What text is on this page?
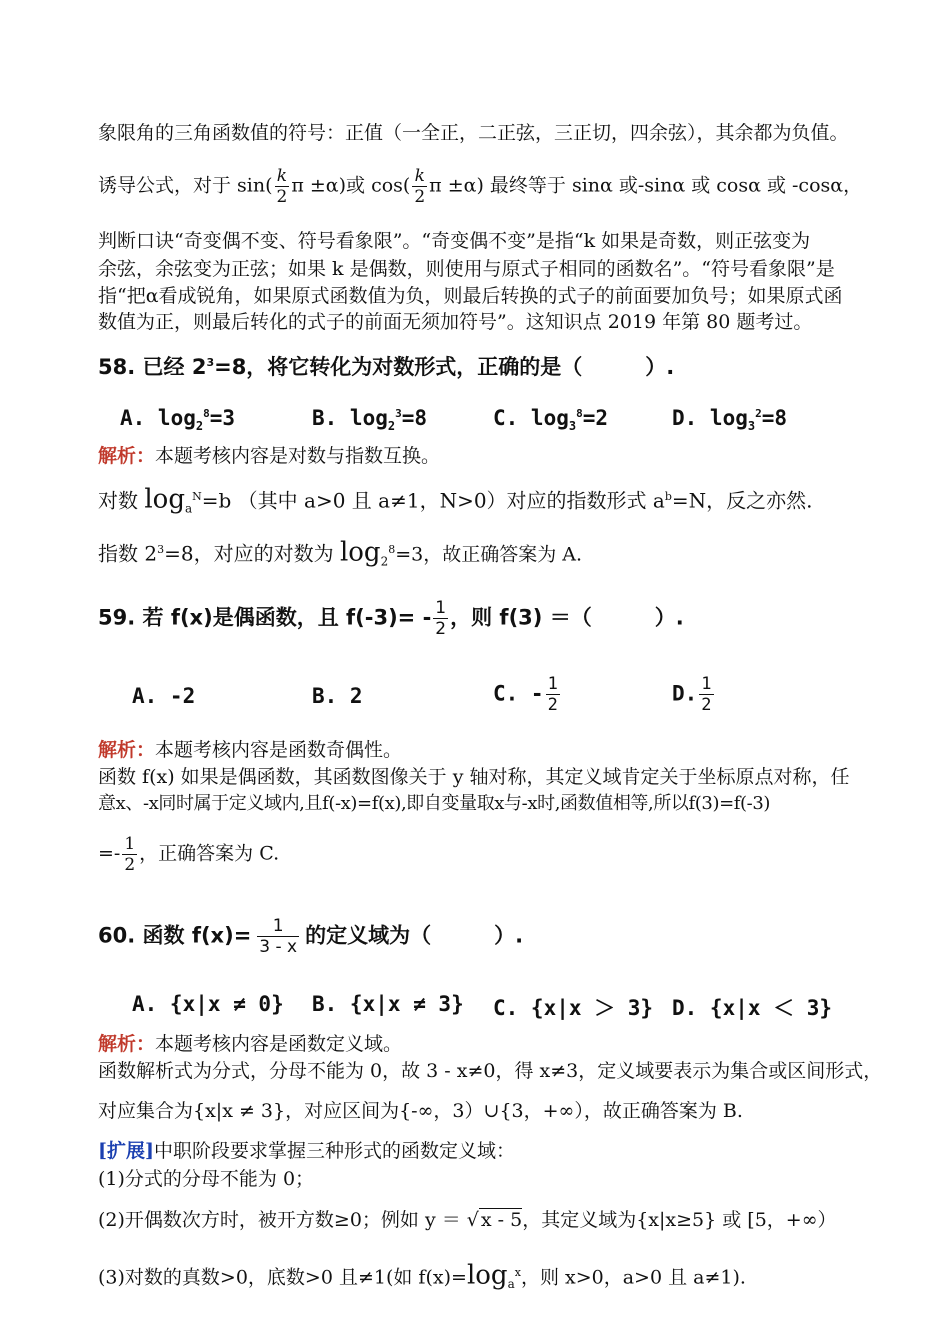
象限角的三角函数值的符号：正值（一全正，二正弦，三正切，四余弦），其余都为负值。
诱导公式，对于 $\sin( \frac{k}{2}$ π ±α)或 $\cos( \frac{k}{2}$ π ±α) 最终等于 sinα 或-sinα 或 cosα 或 -cosα，
判断口诀“奇变偶不变、符号看象限”。“奇变偶不变”是指“k 如果是奇数，则正弦变为
余弦，余弦变为正弦；如果 k 是偶数，则使用与原式子相同的函数名”。“符号看象限”是
指“把α看成锐角，如果原式函数值为负，则最后转换的式子的前面要加负号；如果原式函
数值为正，则最后转化的式子的前面无须加符号”。这知识点 2019 年第 80 题考过。
58. 已经 $2^3=8$，将它转化为对数形式，正确的是（　　　）.
A. $\log_2^8=3$	B. $\log_2^3=8$	C. $\log_3^8=2$	D. $\log_3^2=8$
解析：本题考核内容是对数与指数互换。
对数 $\log_a^N=b$ （其中 a>0 且 a≠1，N>0）对应的指数形式 $a^b=N$，反之亦然.
指数 $2^3=8$，对应的对数为 $\log_2^8=3$，故正确答案为 A.
59. 若 f(x)是偶函数，且 $f(-3)= - \frac{1}{2}$ ，则 f(3) ＝（　　　）.
A. -2	B. 2	C. - $\frac{1}{2}$	D. $\frac{1}{2}$
解析：本题考核内容是函数奇偶性。
函数 f(x) 如果是偶函数，其函数图像关于 y 轴对称，其定义域肯定关于坐标原点对称，任
意x、-x同时属于定义域内,且f(-x)=f(x),即自变量取x与-x时,函数值相等,所以f(3)=f(-3)
=- $\frac{1}{2}$ ，正确答案为 C.
60. 函数 $f(x)= \frac{1}{3 - x}$ 的定义域为（　　　）.
A. {x|x ≠ 0} B. {x|x ≠ 3} C. {x|x ＞ 3} D. {x|x ＜ 3}
解析：本题考核内容是函数定义域。
函数解析式为分式，分母不能为 0，故 3 - x≠0，得 x≠3，定义域要表示为集合或区间形式，
对应集合为{x|x ≠ 3}，对应区间为{-∞，3）∪{3，+∞），故正确答案为 B.
[扩展]中职阶段要求掌握三种形式的函数定义域：
(1)分式的分母不能为 0；
(2)开偶数次方时，被开方数≥0；例如 y ＝ √ x - 5，其定义域为{x|x≥5} 或 [5，+∞）
(3)对数的真数>0，底数>0 且≠1(如 $f(x)=\log_a^x$，则 x>0，a>0 且 a≠1).
